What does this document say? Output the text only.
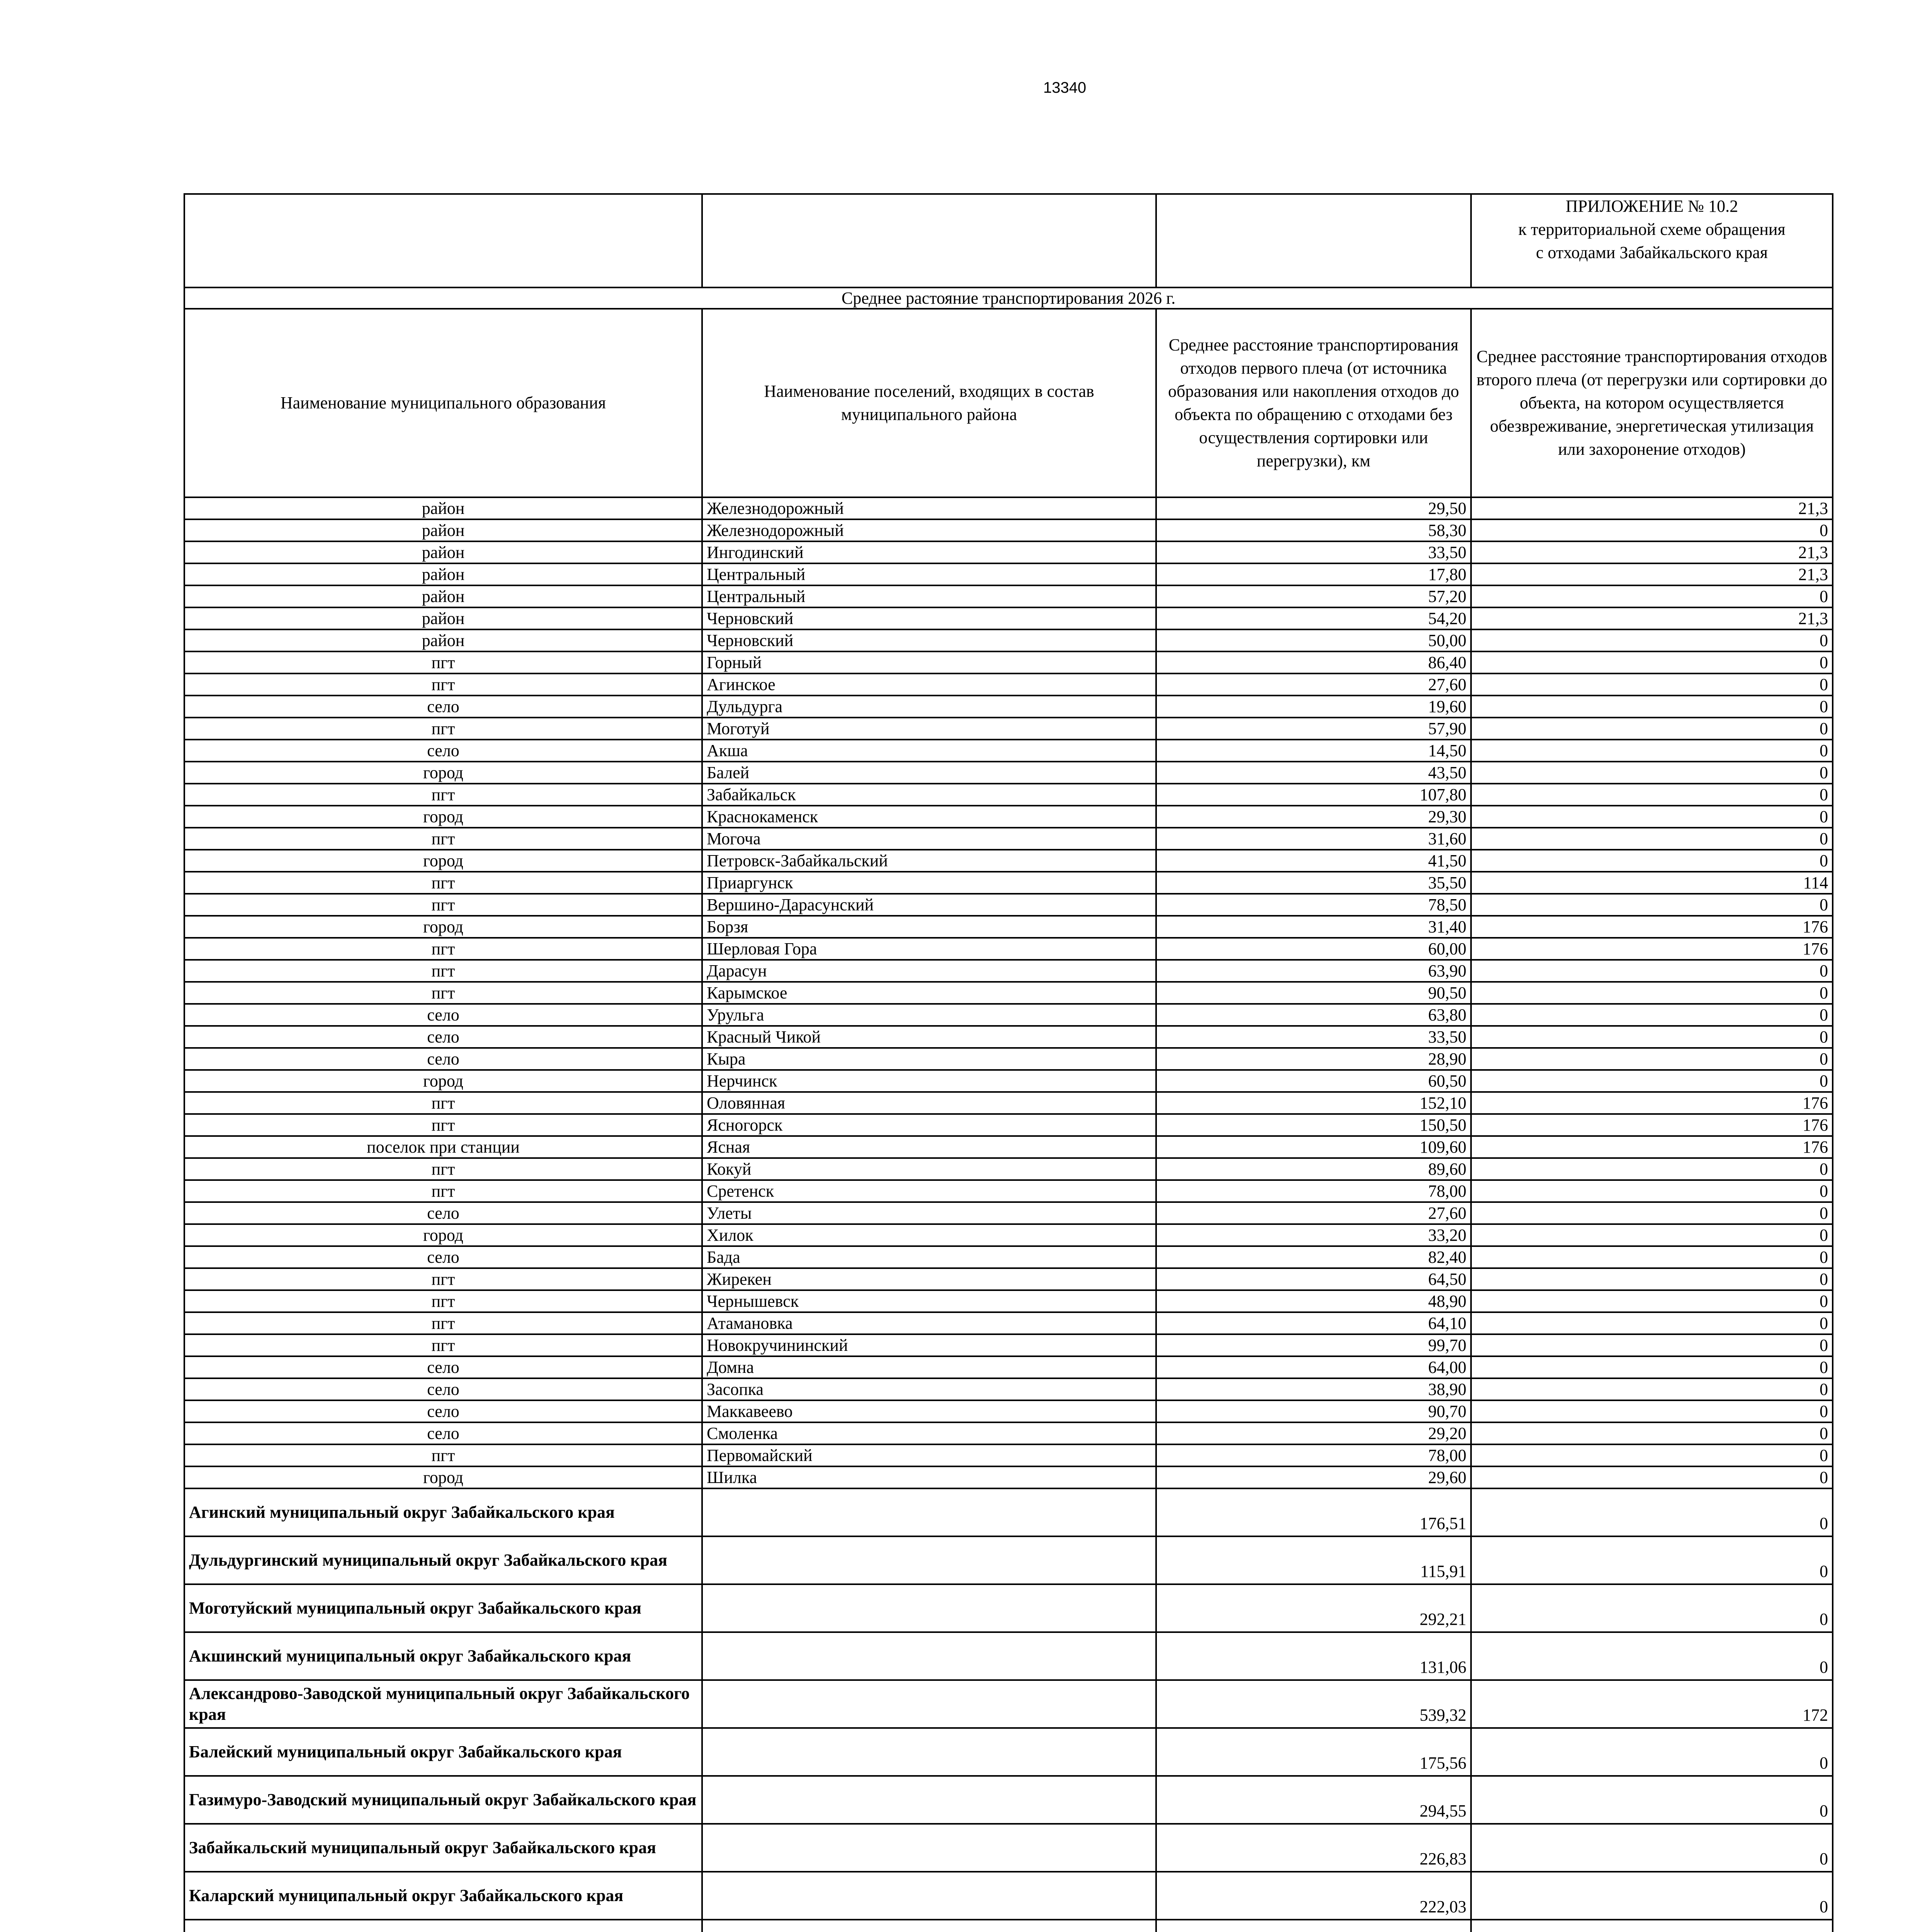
13340

			ПРИЛОЖЕНИЕ № 10.2
к территориальной схеме обращения
с отходами Забайкальского края

Среднее растояние транспортирования 2026 г.			
Наименование муниципального образования	Наименование поселений, входящих в состав муниципального района	Среднее расстояние транспортирования отходов первого плеча (от источника образования или накопления отходов до объекта по обращению с отходами без осуществления сортировки или перегрузки), км	Среднее расстояние транспортирования отходов второго плеча (от перегрузки или сортировки до объекта, на котором осуществляется обезвреживание, энергетическая утилизация или захоронение отходов)
район	Железнодорожный	29,50	21,3
район	Железнодорожный	58,30	0
район	Ингодинский	33,50	21,3
район	Центральный	17,80	21,3
район	Центральный	57,20	0
район	Черновский	54,20	21,3
район	Черновский	50,00	0
пгт	Горный	86,40	0
пгт	Агинское	27,60	0
село	Дульдурга	19,60	0
пгт	Моготуй	57,90	0
село	Акша	14,50	0
город	Балей	43,50	0
пгт	Забайкальск	107,80	0
город	Краснокаменск	29,30	0
пгт	Могоча	31,60	0
город	Петровск-Забайкальский	41,50	0
пгт	Приаргунск	35,50	114
пгт	Вершино-Дарасунский	78,50	0
город	Борзя	31,40	176
пгт	Шерловая Гора	60,00	176
пгт	Дарасун	63,90	0
пгт	Карымское	90,50	0
село	Урульга	63,80	0
село	Красный Чикой	33,50	0
село	Кыра	28,90	0
город	Нерчинск	60,50	0
пгт	Оловянная	152,10	176
пгт	Ясногорск	150,50	176
поселок при станции	Ясная	109,60	176
пгт	Кокуй	89,60	0
пгт	Сретенск	78,00	0
село	Улеты	27,60	0
город	Хилок	33,20	0
село	Бада	82,40	0
пгт	Жирекен	64,50	0
пгт	Чернышевск	48,90	0
пгт	Атамановка	64,10	0
пгт	Новокручининский	99,70	0
село	Домна	64,00	0
село	Засопка	38,90	0
село	Маккавеево	90,70	0
село	Смоленка	29,20	0
пгт	Первомайский	78,00	0
город	Шилка	29,60	0
Агинский муниципальный округ Забайкальского края		176,51	0
Дульдургинский муниципальный округ Забайкальского края		115,91	0
Моготуйский муниципальный округ Забайкальского края		292,21	0
Акшинский муниципальный округ Забайкальского края		131,06	0
Александрово-Заводской муниципальный округ Забайкальского края		539,32	172
Балейский муниципальный округ Забайкальского края		175,56	0
Газимуро-Заводский муниципальный округ Забайкальского края		294,55	0
Забайкальский муниципальный округ Забайкальского края		226,83	0
Каларский муниципальный округ Забайкальского края		222,03	0
